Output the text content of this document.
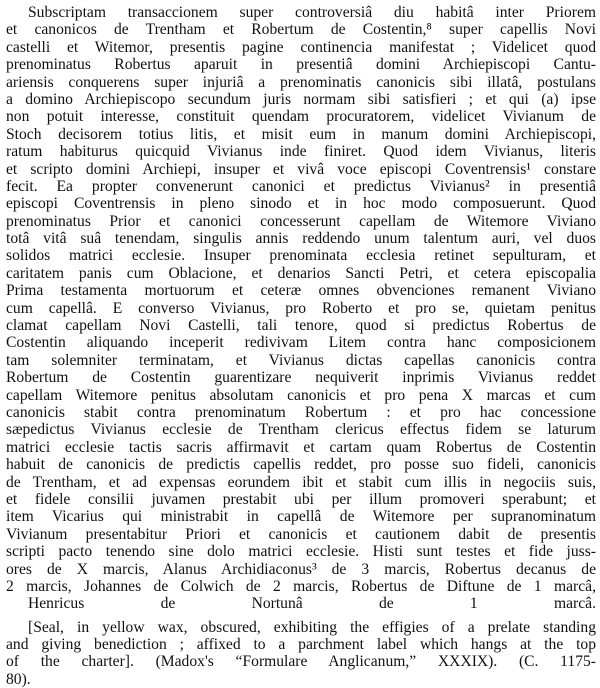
Subscriptam transaccionem super controversiâ diu habitâ inter Priorem
et canonicos de Trentham et Robertum de Costentin,⁸ super capellis Novi
castelli et Witemor, presentis pagine continencia manifestat ; Videlicet quod
prenominatus Robertus aparuit in presentiâ domini Archiepiscopi Cantu-
ariensis conquerens super injuriâ a prenominatis canonicis sibi illatâ, postulans
a domino Archiepiscopo secundum juris normam sibi satisfieri ; et qui (a) ipse
non potuit interesse, constituit quendam procuratorem, videlicet Vivianum de
Stoch decisorem totius litis, et misit eum in manum domini Archiepiscopi,
ratum habiturus quicquid Vivianus inde finiret. Quod idem Vivianus, literis
et scripto domini Archiepi, insuper et vivâ voce episcopi Coventrensis¹ constare
fecit. Ea propter convenerunt canonici et predictus Vivianus² in presentiâ
episcopi Coventrensis in pleno sinodo et in hoc modo composuerunt. Quod
prenominatus Prior et canonici concesserunt capellam de Witemore Viviano
totâ vitâ suâ tenendam, singulis annis reddendo unum talentum auri, vel duos
solidos matrici ecclesie. Insuper prenominata ecclesia retinet sepulturam, et
caritatem panis cum Oblacione, et denarios Sancti Petri, et cetera episcopalia
Prima testamenta mortuorum et ceteræ omnes obvenciones remanent Viviano
cum capellâ. E converso Vivianus, pro Roberto et pro se, quietam penitus
clamat capellam Novi Castelli, tali tenore, quod si predictus Robertus de
Costentin aliquando inceperit redivivam Litem contra hanc composicionem
tam solemniter terminatam, et Vivianus dictas capellas canonicis contra
Robertum de Costentin guarentizare nequiverit inprimis Vivianus reddet
capellam Witemore penitus absolutam canonicis et pro pena X marcas et cum
canonicis stabit contra prenominatum Robertum : et pro hac concessione
sæpedictus Vivianus ecclesie de Trentham clericus effectus fidem se laturum
matrici ecclesie tactis sacris affirmavit et cartam quam Robertus de Costentin
habuit de canonicis de predictis capellis reddet, pro posse suo fideli, canonicis
de Trentham, et ad expensas eorundem ibit et stabit cum illis in negociis suis,
et fidele consilii juvamen prestabit ubi per illum promoveri sperabunt; et
item Vicarius qui ministrabit in capellâ de Witemore per supranominatum
Vivianum presentabitur Priori et canonicis et cautionem dabit de presentis
scripti pacto tenendo sine dolo matrici ecclesie. Histi sunt testes et fide juss-
ores de X marcis, Alanus Archidiaconus³ de 3 marcis, Robertus decanus de
2 marcis, Johannes de Colwich de 2 marcis, Robertus de Diftune de 1 marcâ,
Henricus de Nortunâ de 1 marcâ.
[Seal, in yellow wax, obscured, exhibiting the effigies of a prelate standing
and giving benediction ; affixed to a parchment label which hangs at the top
of the charter]. (Madox's “Formulare Anglicanum,” XXXIX). (C. 1175-
80).
